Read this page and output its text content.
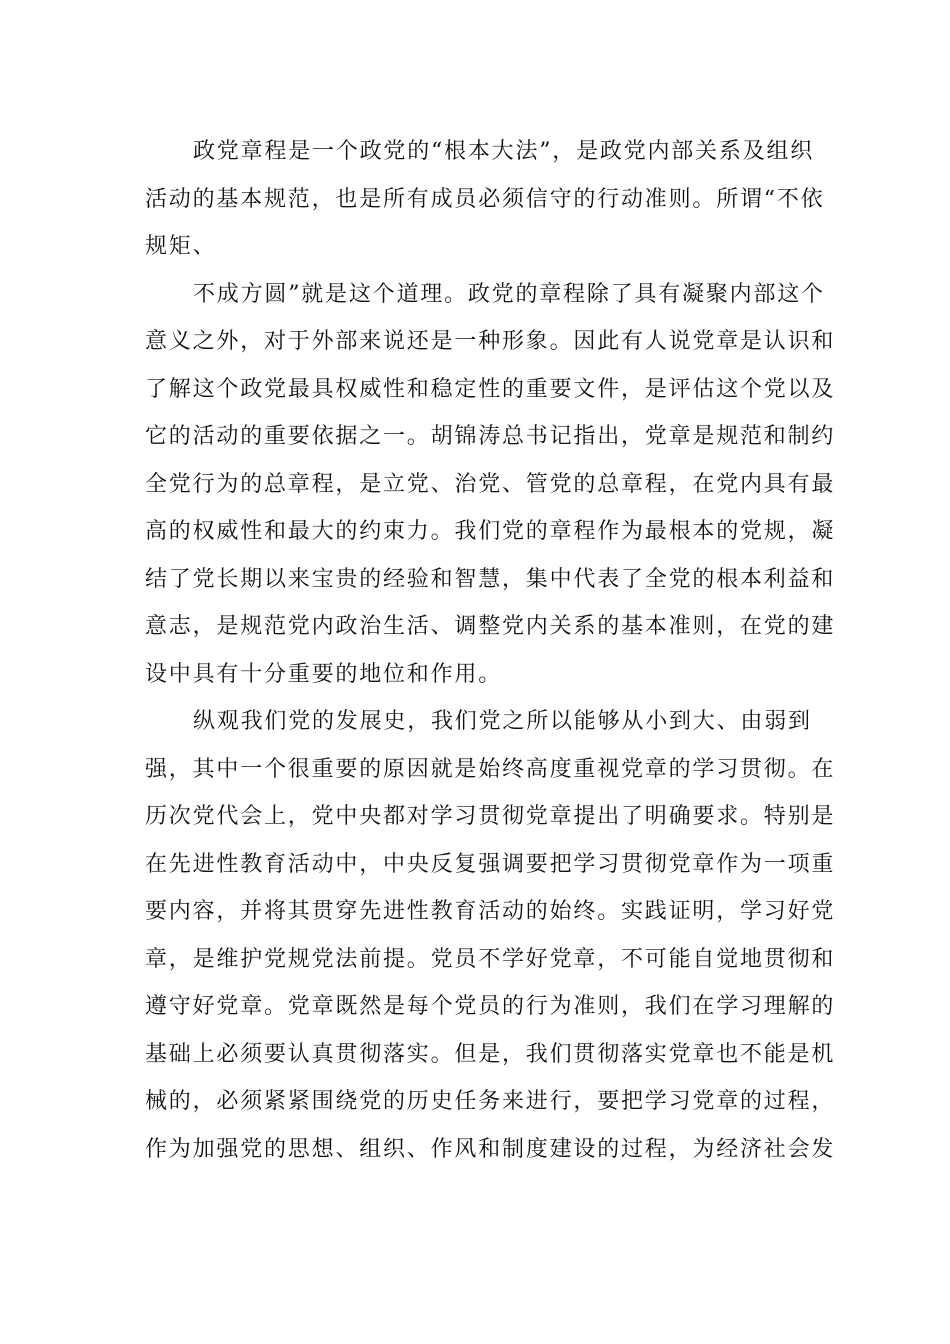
政党章程是一个政党的“根本大法”，是政党内部关系及组织

活动的基本规范，也是所有成员必须信守的行动准则。所谓“不依

规矩、

不成方圆”就是这个道理。政党的章程除了具有凝聚内部这个

意义之外，对于外部来说还是一种形象。因此有人说党章是认识和

了解这个政党最具权威性和稳定性的重要文件，是评估这个党以及

它的活动的重要依据之一。胡锦涛总书记指出，党章是规范和制约

全党行为的总章程，是立党、治党、管党的总章程，在党内具有最

高的权威性和最大的约束力。我们党的章程作为最根本的党规，凝

结了党长期以来宝贵的经验和智慧，集中代表了全党的根本利益和

意志，是规范党内政治生活、调整党内关系的基本准则，在党的建

设中具有十分重要的地位和作用。

纵观我们党的发展史，我们党之所以能够从小到大、由弱到

强，其中一个很重要的原因就是始终高度重视党章的学习贯彻。在

历次党代会上，党中央都对学习贯彻党章提出了明确要求。特别是

在先进性教育活动中，中央反复强调要把学习贯彻党章作为一项重

要内容，并将其贯穿先进性教育活动的始终。实践证明，学习好党

章，是维护党规党法前提。党员不学好党章，不可能自觉地贯彻和

遵守好党章。党章既然是每个党员的行为准则，我们在学习理解的

基础上必须要认真贯彻落实。但是，我们贯彻落实党章也不能是机

械的，必须紧紧围绕党的历史任务来进行，要把学习党章的过程，

作为加强党的思想、组织、作风和制度建设的过程，为经济社会发
